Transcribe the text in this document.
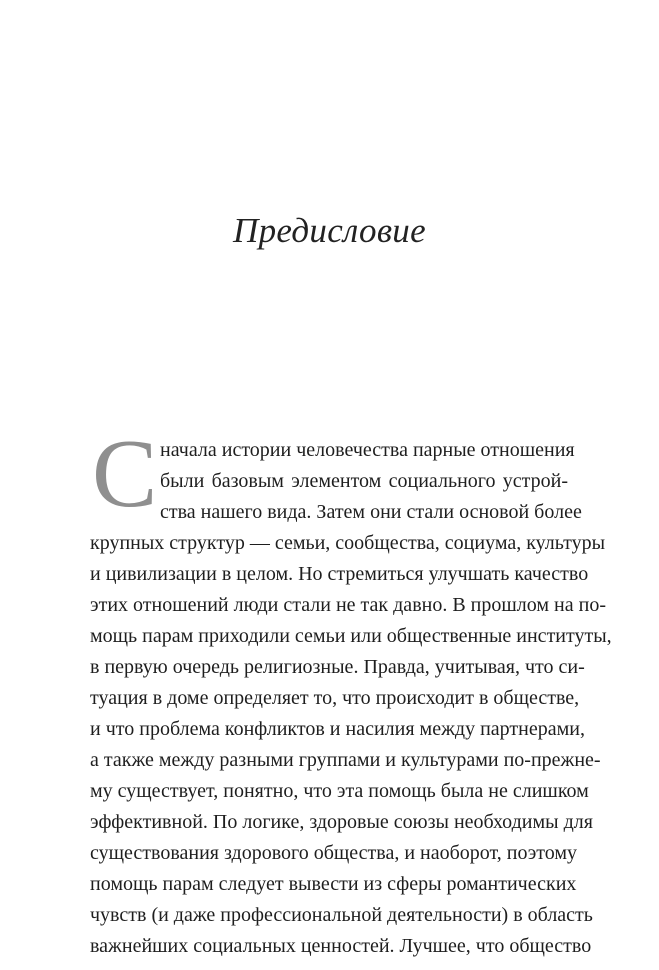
Предисловие
С начала истории человечества парные отношения
были базовым элементом социального устрой-
ства нашего вида. Затем они стали основой более
крупных структур — семьи, сообщества, социума, культуры
и цивилизации в целом. Но стремиться улучшать качество
этих отношений люди стали не так давно. В прошлом на по-
мощь парам приходили семьи или общественные институты,
в первую очередь религиозные. Правда, учитывая, что си-
туация в доме определяет то, что происходит в обществе,
и что проблема конфликтов и насилия между партнерами,
а также между разными группами и культурами по-прежне-
му существует, понятно, что эта помощь была не слишком
эффективной. По логике, здоровые союзы необходимы для
существования здорового общества, и наоборот, поэтому
помощь парам следует вывести из сферы романтических
чувств (и даже профессиональной деятельности) в область
важнейших социальных ценностей. Лучшее, что общество
